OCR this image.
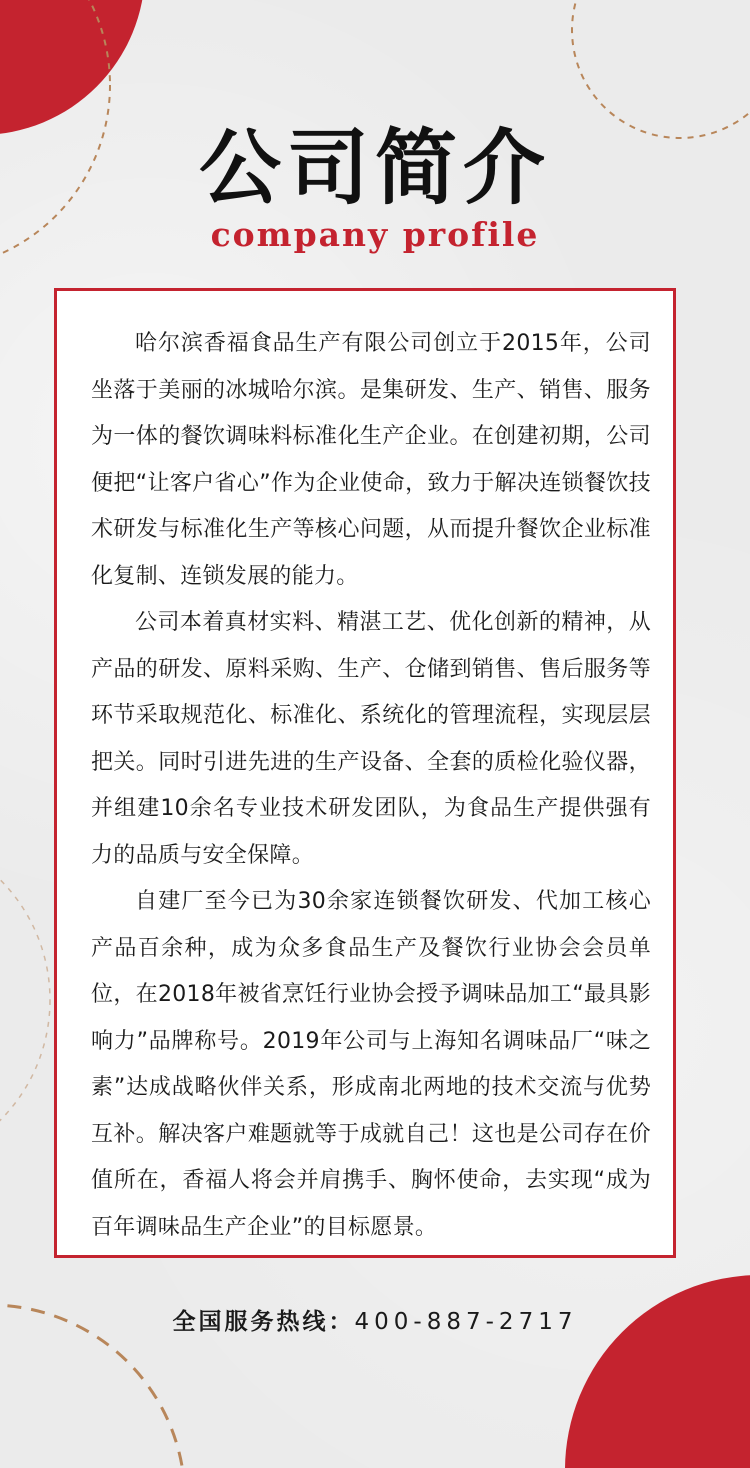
公司简介
company profile

哈尔滨香福食品生产有限公司创立于2015年，公司坐落于美丽的冰城哈尔滨。是集研发、生产、销售、服务为一体的餐饮调味料标准化生产企业。在创建初期，公司便把“让客户省心”作为企业使命，致力于解决连锁餐饮技术研发与标准化生产等核心问题，从而提升餐饮企业标准化复制、连锁发展的能力。

公司本着真材实料、精湛工艺、优化创新的精神，从产品的研发、原料采购、生产、仓储到销售、售后服务等环节采取规范化、标准化、系统化的管理流程，实现层层把关。同时引进先进的生产设备、全套的质检化验仪器，并组建10余名专业技术研发团队，为食品生产提供强有力的品质与安全保障。

自建厂至今已为30余家连锁餐饮研发、代加工核心产品百余种，成为众多食品生产及餐饮行业协会会员单位，在2018年被省烹饪行业协会授予调味品加工“最具影响力”品牌称号。2019年公司与上海知名调味品厂“味之素”达成战略伙伴关系，形成南北两地的技术交流与优势互补。解决客户难题就等于成就自己！这也是公司存在价值所在，香福人将会并肩携手、胸怀使命，去实现“成为百年调味品生产企业”的目标愿景。

全国服务热线：400-887-2717
